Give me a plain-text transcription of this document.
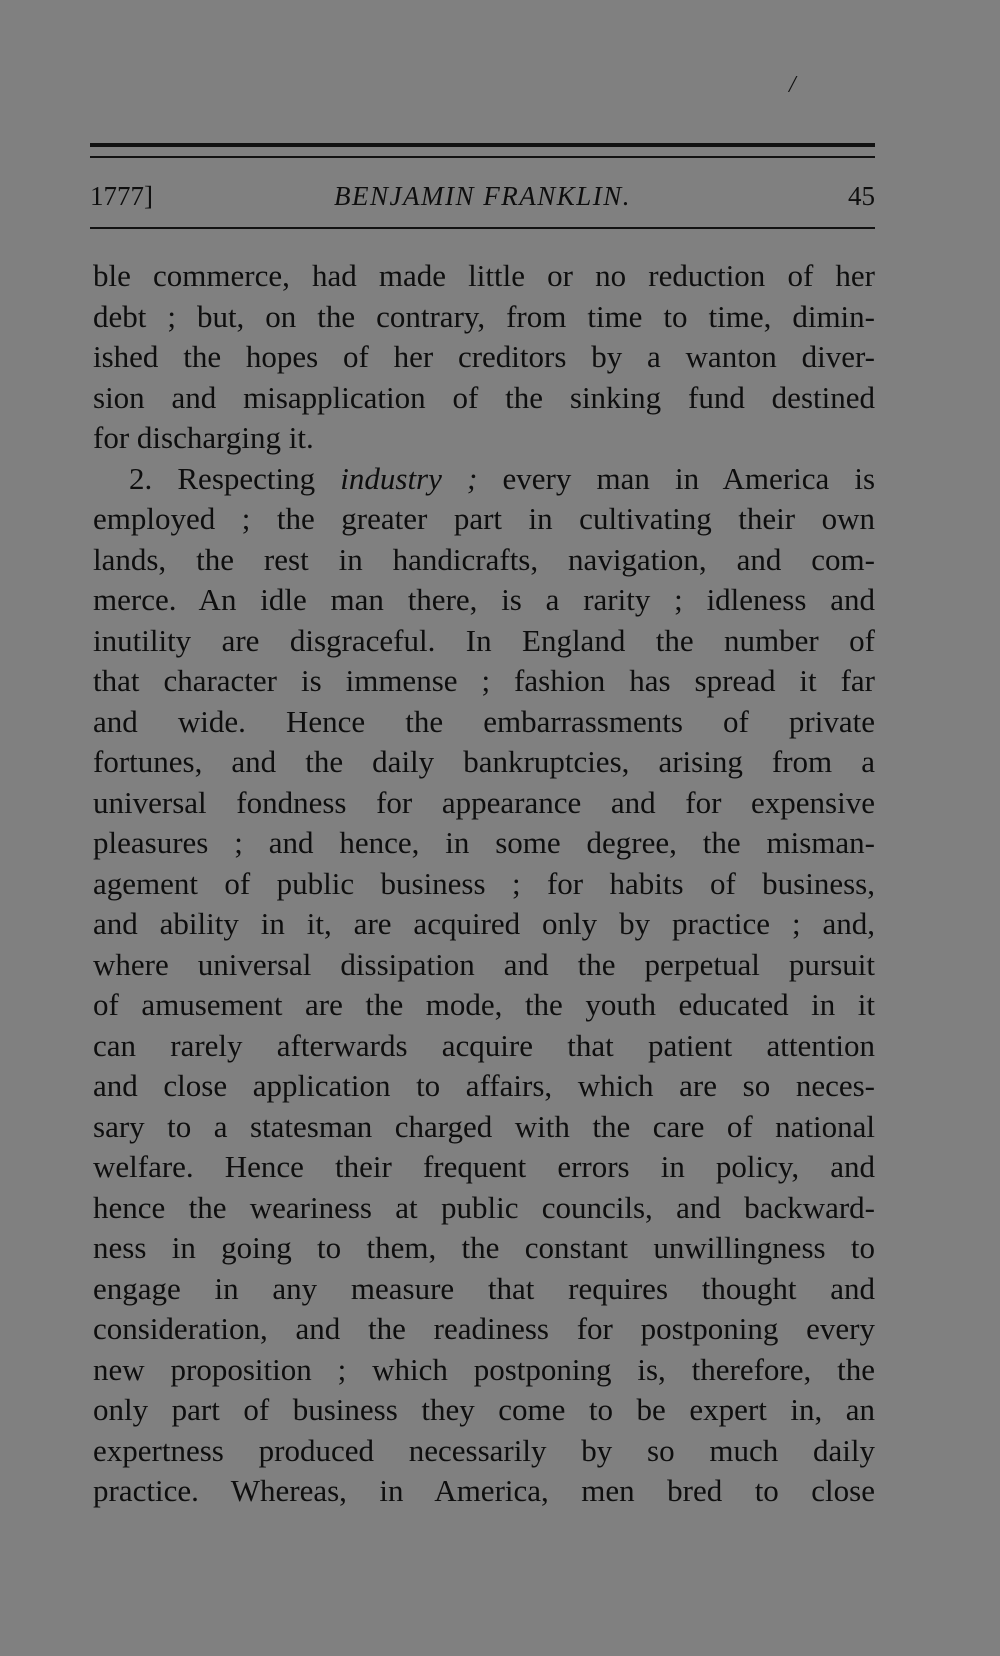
/
1777]	BENJAMIN FRANKLIN.	45
ble commerce, had made little or no reduction of her
debt ; but, on the contrary, from time to time, dimin-
ished the hopes of her creditors by a wanton diver-
sion and misapplication of the sinking fund destined
for discharging it.
2. Respecting industry ; every man in America is
employed ; the greater part in cultivating their own
lands, the rest in handicrafts, navigation, and com-
merce. An idle man there, is a rarity ; idleness and
inutility are disgraceful. In England the number of
that character is immense ; fashion has spread it far
and wide. Hence the embarrassments of private
fortunes, and the daily bankruptcies, arising from a
universal fondness for appearance and for expensive
pleasures ; and hence, in some degree, the misman-
agement of public business ; for habits of business,
and ability in it, are acquired only by practice ; and,
where universal dissipation and the perpetual pursuit
of amusement are the mode, the youth educated in it
can rarely afterwards acquire that patient attention
and close application to affairs, which are so neces-
sary to a statesman charged with the care of national
welfare. Hence their frequent errors in policy, and
hence the weariness at public councils, and backward-
ness in going to them, the constant unwillingness to
engage in any measure that requires thought and
consideration, and the readiness for postponing every
new proposition ; which postponing is, therefore, the
only part of business they come to be expert in, an
expertness produced necessarily by so much daily
practice. Whereas, in America, men bred to close
